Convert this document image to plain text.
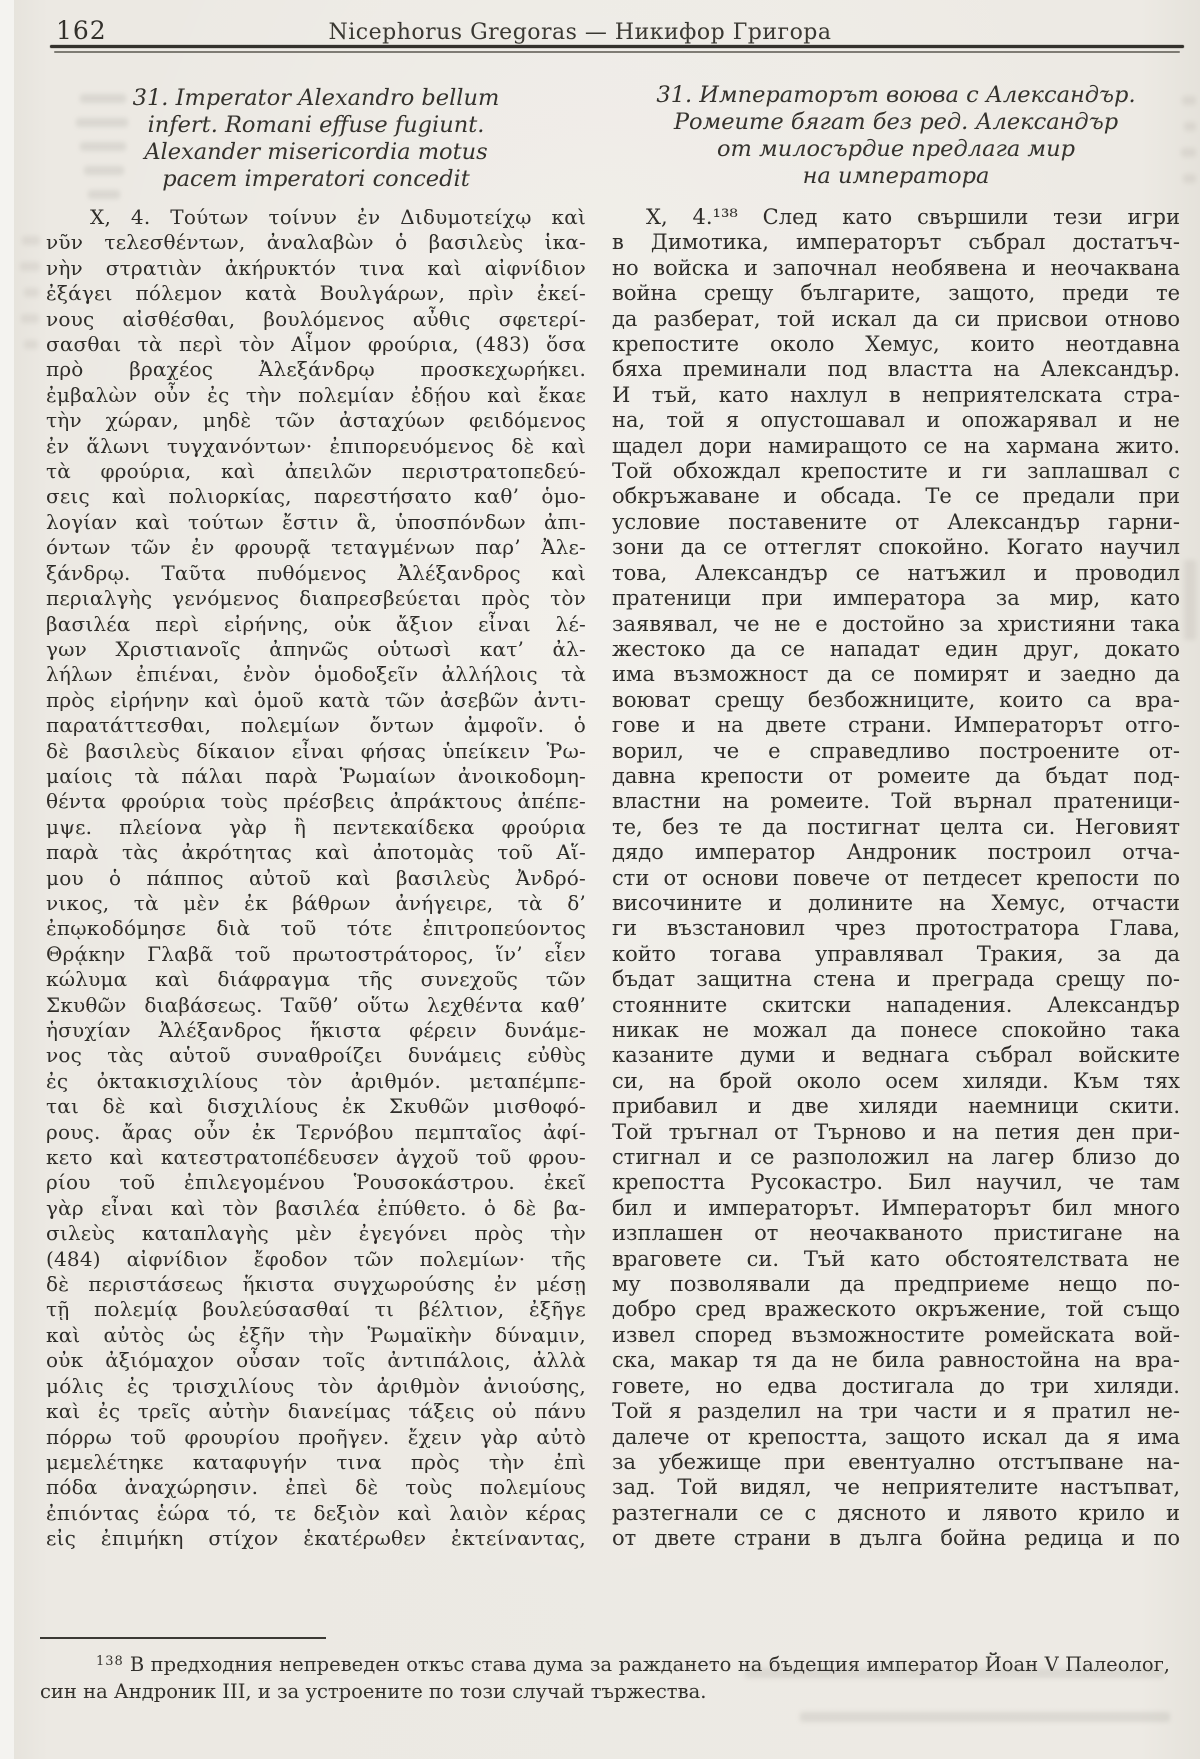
162	Nicephorus Gregoras — Никифор Григора
31. Imperator Alexandro bellum
infert. Romani effuse fugiunt.
Alexander misericordia motus
pacem imperatori concedit
Χ, 4. Τούτων τοίνυν ἐν Διδυμοτείχῳ καὶ
νῦν τελεσθέντων, ἀναλαβὼν ὁ βασιλεὺς ἱκα-
νὴν στρατιὰν ἀκήρυκτόν τινα καὶ αἰφνίδιον
ἐξάγει πόλεμον κατὰ Βουλγάρων, πρὶν ἐκεί-
νους αἰσθέσθαι, βουλόμενος αὖθις σφετερί-
σασθαι τὰ περὶ τὸν Αἷμον φρούρια, (483) ὅσα
πρὸ βραχέος Ἀλεξάνδρῳ προσκεχωρήκει.
ἐμβαλὼν οὖν ἐς τὴν πολεμίαν ἐδῄου καὶ ἔκαε
τὴν χώραν, μηδὲ τῶν ἀσταχύων φειδόμενος
ἐν ἅλωνι τυγχανόντων· ἐπιπορευόμενος δὲ καὶ
τὰ φρούρια, καὶ ἀπειλῶν περιστρατοπεδεύ-
σεις καὶ πολιορκίας, παρεστήσατο καθ’ ὁμο-
λογίαν καὶ τούτων ἔστιν ἃ, ὑποσπόνδων ἀπι-
όντων τῶν ἐν φρουρᾷ τεταγμένων παρ’ Ἀλε-
ξάνδρῳ. Ταῦτα πυθόμενος Ἀλέξανδρος καὶ
περιαλγὴς γενόμενος διαπρεσβεύεται πρὸς τὸν
βασιλέα περὶ εἰρήνης, οὐκ ἄξιον εἶναι λέ-
γων Χριστιανοῖς ἀπηνῶς οὑτωσὶ κατ’ ἀλ-
λήλων ἐπιέναι, ἐνὸν ὁμοδοξεῖν ἀλλήλοις τὰ
πρὸς εἰρήνην καὶ ὁμοῦ κατὰ τῶν ἀσεβῶν ἀντι-
παρατάττεσθαι, πολεμίων ὄντων ἀμφοῖν. ὁ
δὲ βασιλεὺς δίκαιον εἶναι φήσας ὑπείκειν Ῥω-
μαίοις τὰ πάλαι παρὰ Ῥωμαίων ἀνοικοδομη-
θέντα φρούρια τοὺς πρέσβεις ἀπράκτους ἀπέπε-
μψε. πλείονα γὰρ ἢ πεντεκαίδεκα φρούρια
παρὰ τὰς ἀκρότητας καὶ ἀποτομὰς τοῦ Αἵ-
μου ὁ πάππος αὐτοῦ καὶ βασιλεὺς Ἀνδρό-
νικος, τὰ μὲν ἐκ βάθρων ἀνήγειρε, τὰ δ’
ἐπῳκοδόμησε διὰ τοῦ τότε ἐπιτροπεύοντος
Θρᾴκην Γλαβᾶ τοῦ πρωτοστράτορος, ἵν’ εἶεν
κώλυμα καὶ διάφραγμα τῆς συνεχοῦς τῶν
Σκυθῶν διαβάσεως. Ταῦθ’ οὕτω λεχθέντα καθ’
ἡσυχίαν Ἀλέξανδρος ἥκιστα φέρειν δυνάμε-
νος τὰς αὑτοῦ συναθροίζει δυνάμεις εὐθὺς
ἐς ὀκτακισχιλίους τὸν ἀριθμόν. μεταπέμπε-
ται δὲ καὶ δισχιλίους ἐκ Σκυθῶν μισθοφό-
ρους. ἄρας οὖν ἐκ Τερνόβου πεμπταῖος ἀφί-
κετο καὶ κατεστρατοπέδευσεν ἀγχοῦ τοῦ φρου-
ρίου τοῦ ἐπιλεγομένου Ῥουσοκάστρου. ἐκεῖ
γὰρ εἶναι καὶ τὸν βασιλέα ἐπύθετο. ὁ δὲ βα-
σιλεὺς καταπλαγὴς μὲν ἐγεγόνει πρὸς τὴν
(484) αἰφνίδιον ἔφοδον τῶν πολεμίων· τῆς
δὲ περιστάσεως ἥκιστα συγχωρούσης ἐν μέσῃ
τῇ πολεμίᾳ βουλεύσασθαί τι βέλτιον, ἐξῆγε
καὶ αὐτὸς ὡς ἐξῆν τὴν Ῥωμαϊκὴν δύναμιν,
οὐκ ἀξιόμαχον οὖσαν τοῖς ἀντιπάλοις, ἀλλὰ
μόλις ἐς τρισχιλίους τὸν ἀριθμὸν ἀνιούσης,
καὶ ἐς τρεῖς αὐτὴν διανείμας τάξεις οὐ πάνυ
πόρρω τοῦ φρουρίου προῆγεν. ἔχειν γὰρ αὐτὸ
μεμελέτηκε καταφυγήν τινα πρὸς τὴν ἐπὶ
πόδα ἀναχώρησιν. ἐπεὶ δὲ τοὺς πολεμίους
ἐπιόντας ἑώρα τό, τε δεξιὸν καὶ λαιὸν κέρας
εἰς ἐπιμήκη στίχον ἑκατέρωθεν ἐκτείναντας,
31. Императорът воюва с Александър.
Ромеите бягат без ред. Александър
от милосърдие предлага мир
на императора
Х, 4.¹³⁸ След като свършили тези игри
в Димотика, императорът събрал достатъч-
но войска и започнал необявена и неочаквана
война срещу българите, защото, преди те
да разберат, той искал да си присвои отново
крепостите около Хемус, които неотдавна
бяха преминали под властта на Александър.
И тъй, като нахлул в неприятелската стра-
на, той я опустошавал и опожарявал и не
щадел дори намиращото се на хармана жито.
Той обхождал крепостите и ги заплашвал с
обкръжаване и обсада. Те се предали при
условие поставените от Александър гарни-
зони да се оттеглят спокойно. Когато научил
това, Александър се натъжил и проводил
пратеници при императора за мир, като
заявявал, че не е достойно за християни така
жестоко да се нападат един друг, докато
има възможност да се помирят и заедно да
воюват срещу безбожниците, които са вра-
гове и на двете страни. Императорът отго-
ворил, че е справедливо построените от-
давна крепости от ромеите да бъдат под-
властни на ромеите. Той върнал пратеници-
те, без те да постигнат целта си. Неговият
дядо император Андроник построил отча-
сти от основи повече от петдесет крепости по
височините и долините на Хемус, отчасти
ги възстановил чрез протостратора Глава,
който тогава управлявал Тракия, за да
бъдат защитна стена и преграда срещу по-
стоянните скитски нападения. Александър
никак не можал да понесе спокойно така
казаните думи и веднага събрал войските
си, на брой около осем хиляди. Към тях
прибавил и две хиляди наемници скити.
Той тръгнал от Търново и на петия ден при-
стигнал и се разположил на лагер близо до
крепостта Русокастро. Бил научил, че там
бил и императорът. Императорът бил много
изплашен от неочакваното пристигане на
враговете си. Тъй като обстоятелствата не
му позволявали да предприеме нещо по-
добро сред вражеското окръжение, той също
извел според възможностите ромейската вой-
ска, макар тя да не била равностойна на вра-
говете, но едва достигала до три хиляди.
Той я разделил на три части и я пратил не-
далече от крепостта, защото искал да я има
за убежище при евентуално отстъпване на-
зад. Той видял, че неприятелите настъпват,
разтегнали се с дясното и лявото крило и
от двете страни в дълга бойна редица и по
$^{138}$ В предходния непреведен откъс става дума за раждането на бъдещия император Йоан V Палеолог,
син на Андроник III, и за устроените по този случай тържества.
